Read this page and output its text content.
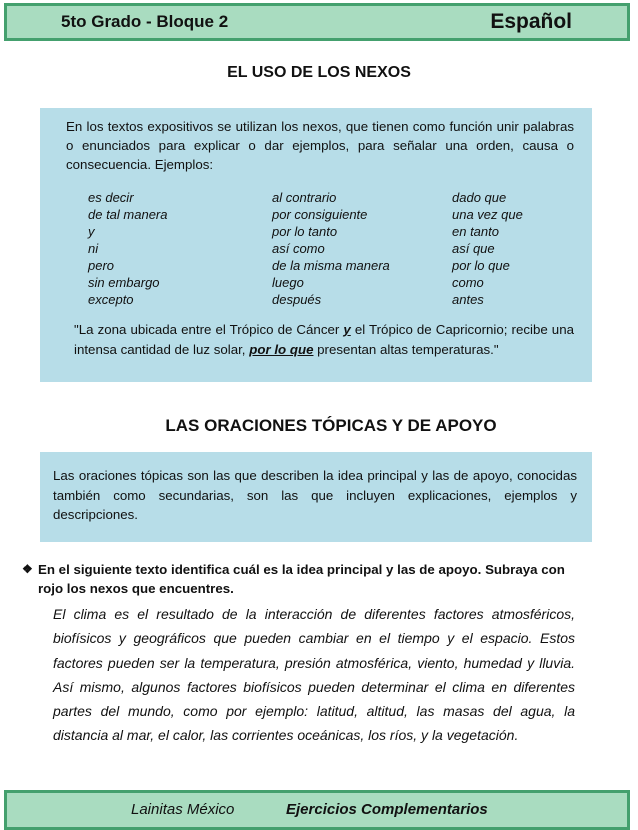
5to Grado - Bloque 2	Español
EL USO DE LOS NEXOS
En los textos expositivos se utilizan los nexos, que tienen como función unir palabras o enunciados para explicar o dar ejemplos, para señalar una orden, causa o consecuencia. Ejemplos:
es decir
de tal manera
y
ni
pero
sin embargo
excepto
al contrario
por consiguiente
por lo tanto
así como
de la misma manera
luego
después
dado que
una vez que
en tanto
así que
por lo que
como
antes
"La zona ubicada entre el Trópico de Cáncer y el Trópico de Capricornio; recibe una intensa cantidad de luz solar, por lo que presentan altas temperaturas."
LAS ORACIONES TÓPICAS Y DE APOYO

Las oraciones tópicas son las que describen la idea principal y las de apoyo, conocidas también como secundarias, son las que incluyen explicaciones, ejemplos y descripciones.

❖ En el siguiente texto identifica cuál es la idea principal y las de apoyo. Subraya con rojo los nexos que encuentres.
El clima es el resultado de la interacción de diferentes factores atmosféricos, biofísicos y geográficos que pueden cambiar en el tiempo y el espacio. Estos factores pueden ser la temperatura, presión atmosférica, viento, humedad y lluvia. Así mismo, algunos factores biofísicos pueden determinar el clima en diferentes partes del mundo, como por ejemplo: latitud, altitud, las masas del agua, la distancia al mar, el calor, las corrientes oceánicas, los ríos, y la vegetación.
Lainitas México	Ejercicios Complementarios
